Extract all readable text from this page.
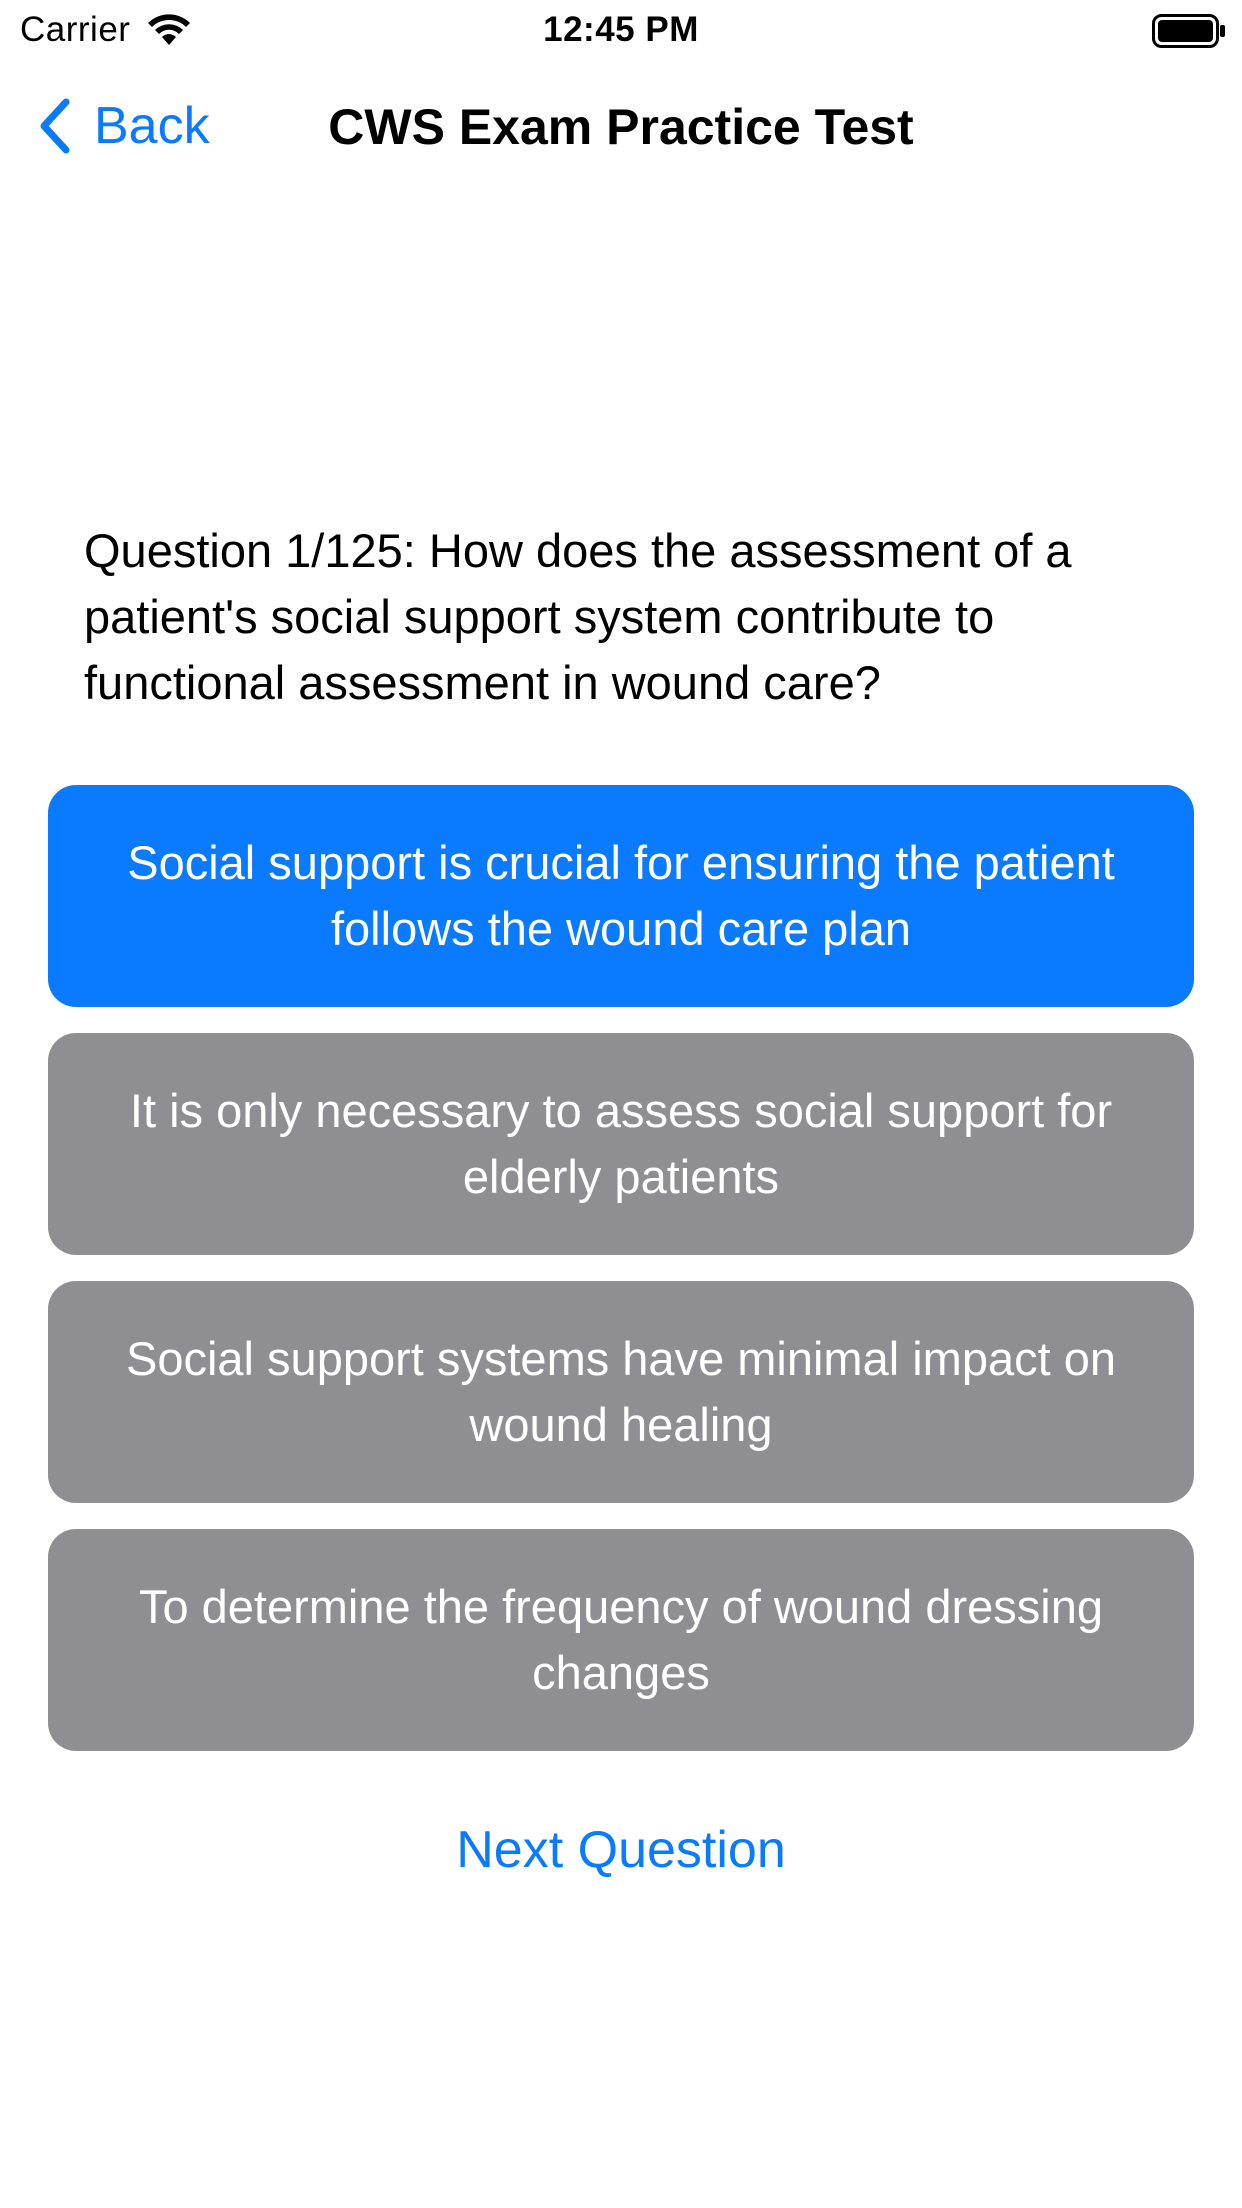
Carrier	12:45 PM
Back	CWS Exam Practice Test
Question 1/125: How does the assessment of a patient's social support system contribute to functional assessment in wound care?
Social support is crucial for ensuring the patient follows the wound care plan
It is only necessary to assess social support for elderly patients
Social support systems have minimal impact on wound healing
To determine the frequency of wound dressing changes
Next Question
